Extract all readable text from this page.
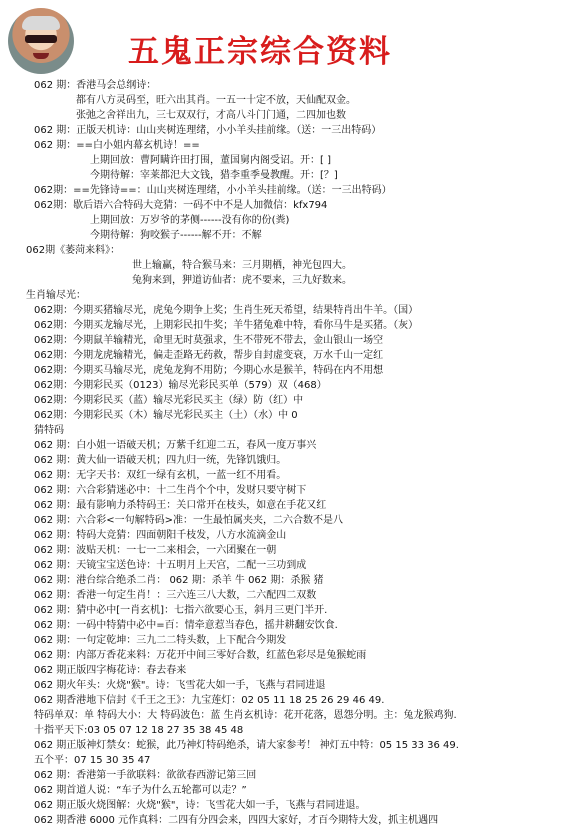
五鬼正宗综合资料
062 期：香港马会总纲诗：
都有八方灵码至，旺六出其肖。一五一十定不放，天仙配双金。
张弛之舍祥出九，三七双双行，才高八斗门门通，二四加也数
062 期：正版天机诗：山山夹树连理绪，小小羊头挂前缘。（送：一三出特码）
062 期：==白小姐内幕玄机诗！==
上期回放：曹阿瞒许田打围，董国舅内阁受诏。开：[ ]
今期待解：宰莱都汜大文钱，猎李重季曼教醒。开：[？]
062期：==先锋诗==：山山夹树连理绪，小小羊头挂前缘。（送：一三出特码）
062期：歇后语六合特码大竞猜：一码不中不是人加微信：kfx794
上期回放：万岁爷的茅侧------没有你的份(粪)
今期待解：狗咬猴子------解不开：不解
062期《萎菏来料》：
世上输赢，特合猴马来：三月期栖，神光包四大。
兔狗来到，狎道访仙者：虎不要来，三九好数来。
生肖输尽光：
062期：今期买猪输尽光，虎兔今期争上奖；生肖生死天希望，结果特肖出牛羊。（国）
062期：今期买龙输尽光，上期彩民扣牛奖；羊牛猪兔难中特，看你马牛是买猪。（灰）
062期：今期鼠羊输精光，命里无时莫强求，生不带死不带去，金山银山一场空
062期：今期龙虎输精光，偏走歪路无药救，帮步自封虚变衰，万水千山一定红
062期：今期买马输尽光，虎兔龙狗不用防；今期心水是猴羊，特码在内不用想
062期：今期彩民买（0123）输尽光彩民买单（579）双（468）
062期：今期彩民买（蓝）输尽光彩民买主（绿）防（红）中
062期：今期彩民买（木）输尽光彩民买主（土）（水）中 0
猜特码
062 期：白小姐一语破天机；万紫千红迎二五，春风一度万事兴
062 期：黄大仙一语破天机；四九归一统，先锋饥饿归。
062 期：无字天书：双红一绿有玄机，一蓝一红不用看。
062 期：六合彩猜迷必中：十二生肖个个中，发财只要守树下
062 期：最有影响力杀特码王：关口常开在枝头，如意在手花又红
062 期：六合彩<一句解特码>准：一生最怕属夹夹，二六合数不是八
062 期：特码大竞猜：四面朝阳千枝发，八方水流滴金山
062 期：波贴天机：一七一二来相会，一六团聚在一朝
062 期：天镜宝宝送色诗：十五明月上天宫，二配一三功到成
062 期：港台综合绝杀二肖： 062 期：杀羊 牛 062 期：杀猴 猪
062 期：香港一句定生肖！：三六连三八大数，二六配四二双数
062 期：猜中必中[一肖玄机]：七指六欲要心玉，斜月三更门半开.
062 期：一码中特猜中必中=百：情牵意惹当春色，摇井耕翻安饮食.
062 期：一句定乾坤：三九二二特头数，上下配合今期发
062 期：内部万香花来料：万花开中间三零好合数，红蓝色彩尽是兔猴蛇雨
062 期正版四字梅花诗：春去春来
062 期火年头：火烧"猴"。诗：飞雪花大如一手，飞燕与君同进退
062 期香港地下信封《千王之王》：九宝莲灯：02 05 11 18 25 26 29 46 49.
特码单双：单 特码大小：大 特码波色：蓝 生肖玄机诗：花开花落，恩怨分明。主：兔龙猴鸡狗.
十指平天下:03 05 07 12 18 27 35 38 45 48
062 期正版神灯禁女：蛇猴，此乃神灯特码绝杀，请大家参考！ 神灯五中特：05 15 33 36 49.
五个平：07 15 30 35 47
062 期：香港第一手欲联料：欲欲春西游记第三回
062 期首道人说：“车子为什么五轮都可以走？”
062 期正版火烧图解：火烧"猴"，诗：飞雪花大如一手，飞燕与君同进退。
062 期香港 6000 元作真料：二四有分四会来，四四大家好，才百今期特大发，抓主机遇四
